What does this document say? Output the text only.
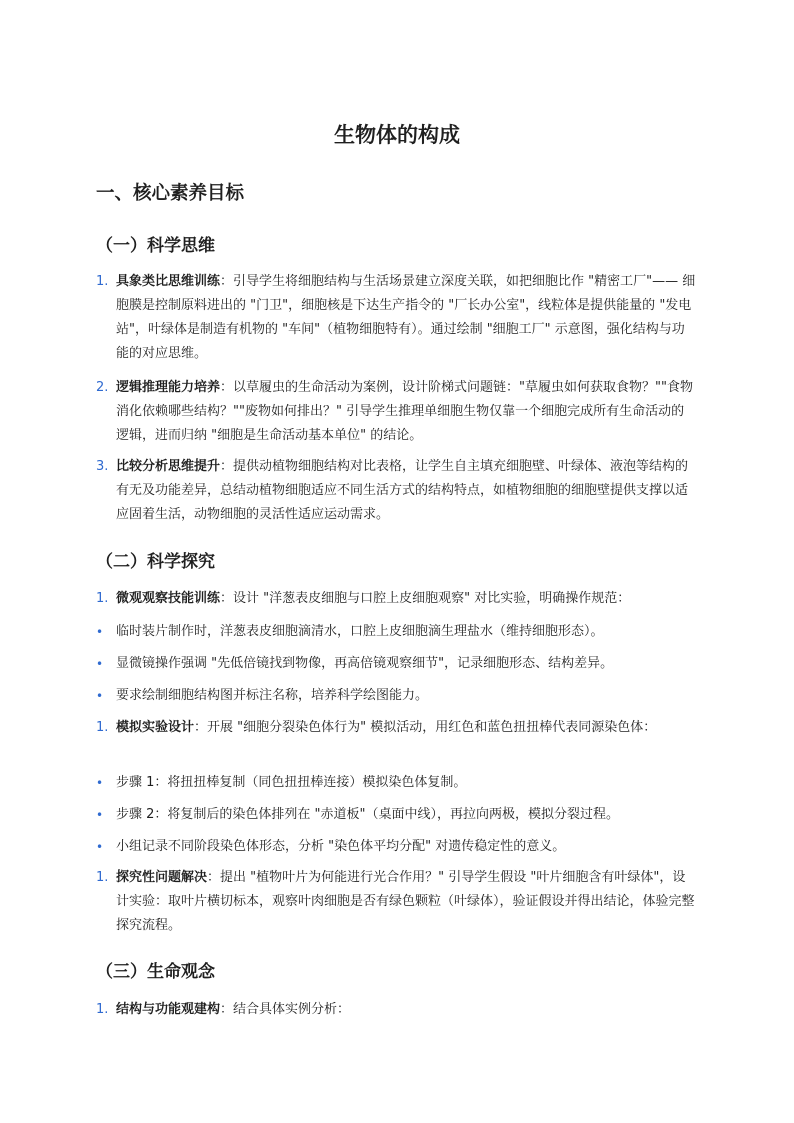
生物体的构成
一、核心素养目标
（一）科学思维
1. 具象类比思维训练：引导学生将细胞结构与生活场景建立深度关联，如把细胞比作 "精密工厂"—— 细胞膜是控制原料进出的 "门卫"，细胞核是下达生产指令的 "厂长办公室"，线粒体是提供能量的 "发电站"，叶绿体是制造有机物的 "车间"（植物细胞特有）。通过绘制 "细胞工厂" 示意图，强化结构与功能的对应思维。
2. 逻辑推理能力培养：以草履虫的生命活动为案例，设计阶梯式问题链："草履虫如何获取食物？""食物消化依赖哪些结构？""废物如何排出？" 引导学生推理单细胞生物仅靠一个细胞完成所有生命活动的逻辑，进而归纳 "细胞是生命活动基本单位" 的结论。
3. 比较分析思维提升：提供动植物细胞结构对比表格，让学生自主填充细胞壁、叶绿体、液泡等结构的有无及功能差异，总结动植物细胞适应不同生活方式的结构特点，如植物细胞的细胞壁提供支撑以适应固着生活，动物细胞的灵活性适应运动需求。
（二）科学探究
1. 微观观察技能训练：设计 "洋葱表皮细胞与口腔上皮细胞观察" 对比实验，明确操作规范：
• 临时装片制作时，洋葱表皮细胞滴清水，口腔上皮细胞滴生理盐水（维持细胞形态）。
• 显微镜操作强调 "先低倍镜找到物像，再高倍镜观察细节"，记录细胞形态、结构差异。
• 要求绘制细胞结构图并标注名称，培养科学绘图能力。
1. 模拟实验设计：开展 "细胞分裂染色体行为" 模拟活动，用红色和蓝色扭扭棒代表同源染色体：
• 步骤 1：将扭扭棒复制（同色扭扭棒连接）模拟染色体复制。
• 步骤 2：将复制后的染色体排列在 "赤道板"（桌面中线），再拉向两极，模拟分裂过程。
• 小组记录不同阶段染色体形态，分析 "染色体平均分配" 对遗传稳定性的意义。
1. 探究性问题解决：提出 "植物叶片为何能进行光合作用？" 引导学生假设 "叶片细胞含有叶绿体"，设计实验：取叶片横切标本，观察叶肉细胞是否有绿色颗粒（叶绿体），验证假设并得出结论，体验完整探究流程。
（三）生命观念
1. 结构与功能观建构：结合具体实例分析：
